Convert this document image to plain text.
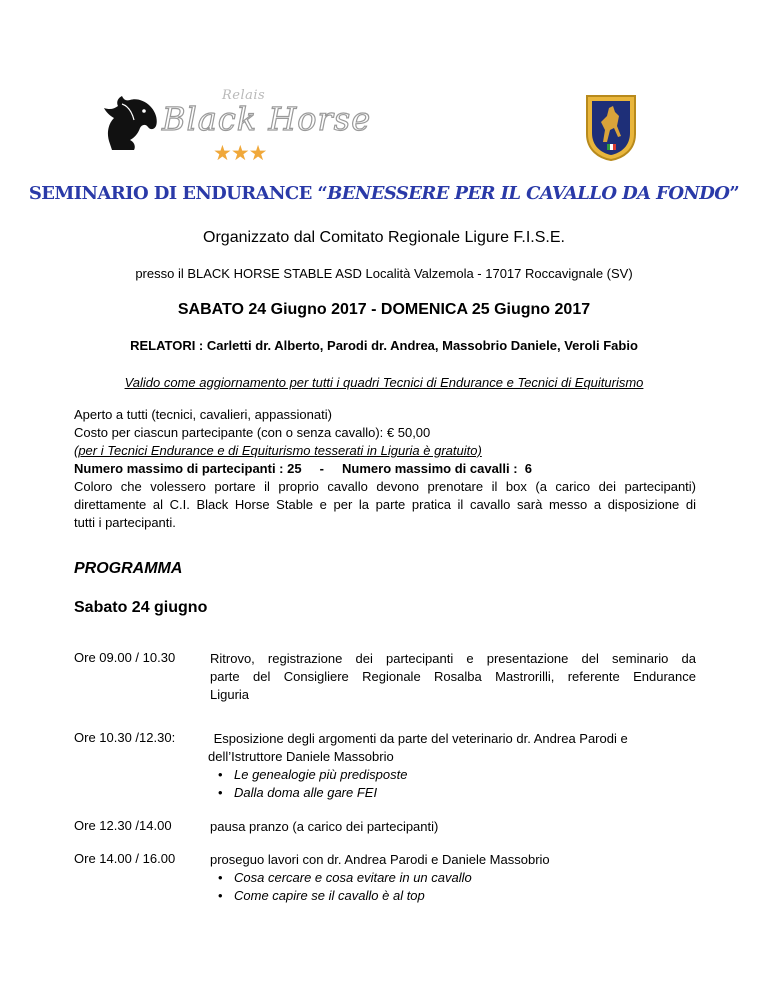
Relais
Black Horse
★★★
SEMINARIO DI ENDURANCE “BENESSERE PER IL CAVALLO DA FONDO”
Organizzato dal Comitato Regionale Ligure F.I.S.E.
presso il BLACK HORSE STABLE ASD Località Valzemola - 17017 Roccavignale (SV)
SABATO 24 Giugno 2017 - DOMENICA 25 Giugno 2017
RELATORI : Carletti dr. Alberto, Parodi dr. Andrea, Massobrio Daniele, Veroli Fabio
Valido come aggiornamento per tutti i quadri Tecnici di Endurance e Tecnici di Equiturismo
Aperto a tutti (tecnici, cavalieri, appassionati)
Costo per ciascun partecipante (con o senza cavallo): € 50,00
(per i Tecnici Endurance e di Equiturismo tesserati in Liguria è gratuito)
Numero massimo di partecipanti : 25     -     Numero massimo di cavalli :  6
Coloro che volessero portare il proprio cavallo devono prenotare il box (a carico dei partecipanti)
direttamente al C.I. Black Horse Stable e per la parte pratica il cavallo sarà messo a disposizione di
tutti i partecipanti.
PROGRAMMA
Sabato 24 giugno
Ore 09.00 / 10.30	Ritrovo, registrazione dei partecipanti e presentazione del seminario da
parte del Consigliere Regionale Rosalba Mastrorilli, referente Endurance
Liguria
Ore 10.30 /12.30:	Esposizione degli argomenti da parte del veterinario dr. Andrea Parodi e
dell’Istruttore Daniele Massobrio
• Le genealogie più predisposte
• Dalla doma alle gare FEI
Ore 12.30 /14.00	pausa pranzo (a carico dei partecipanti)
Ore 14.00 / 16.00	proseguo lavori con dr. Andrea Parodi e Daniele Massobrio
• Cosa cercare e cosa evitare in un cavallo
• Come capire se il cavallo è al top
